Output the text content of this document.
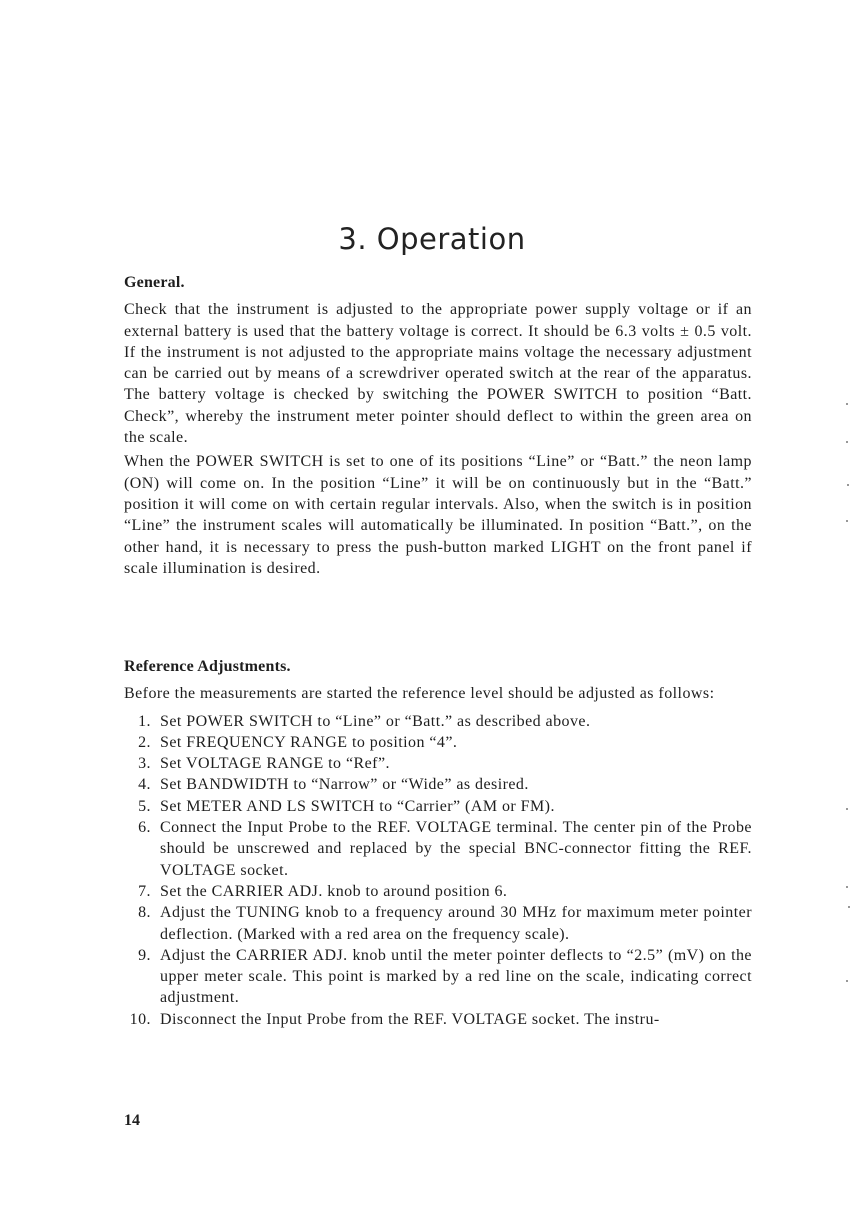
3. Operation
General.

Check that the instrument is adjusted to the appropriate power supply voltage or if an external battery is used that the battery voltage is correct. It should be 6.3 volts ± 0.5 volt. If the instrument is not adjusted to the appropriate mains voltage the necessary adjustment can be carried out by means of a screwdriver operated switch at the rear of the apparatus. The battery voltage is checked by switching the POWER SWITCH to position “Batt. Check”, whereby the instrument meter pointer should deflect to within the green area on the scale.

When the POWER SWITCH is set to one of its positions “Line” or “Batt.” the neon lamp (ON) will come on. In the position “Line” it will be on continuously but in the “Batt.” position it will come on with certain regular intervals. Also, when the switch is in position “Line” the instrument scales will automatically be illuminated. In position “Batt.”, on the other hand, it is necessary to press the push-button marked LIGHT on the front panel if scale illumination is desired.

Reference Adjustments.

Before the measurements are started the reference level should be adjusted as follows:

1. Set POWER SWITCH to “Line” or “Batt.” as described above.
2. Set FREQUENCY RANGE to position “4”.
3. Set VOLTAGE RANGE to “Ref”.
4. Set BANDWIDTH to “Narrow” or “Wide” as desired.
5. Set METER AND LS SWITCH to “Carrier” (AM or FM).
6. Connect the Input Probe to the REF. VOLTAGE terminal. The center pin of the Probe should be unscrewed and replaced by the special BNC-connector fitting the REF. VOLTAGE socket.
7. Set the CARRIER ADJ. knob to around position 6.
8. Adjust the TUNING knob to a frequency around 30 MHz for maximum meter pointer deflection. (Marked with a red area on the frequency scale).
9. Adjust the CARRIER ADJ. knob until the meter pointer deflects to “2.5” (mV) on the upper meter scale. This point is marked by a red line on the scale, indicating correct adjustment.
10. Disconnect the Input Probe from the REF. VOLTAGE socket. The instru-

14
